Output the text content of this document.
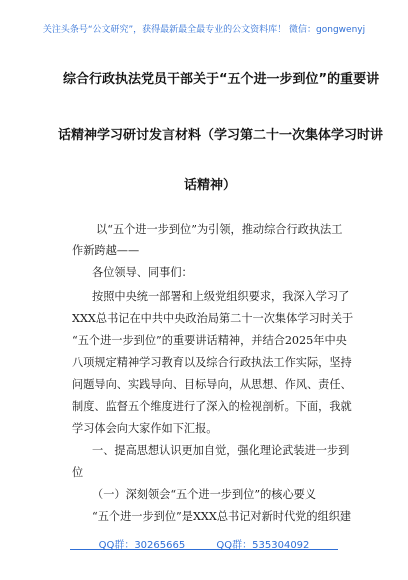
关注头条号“公文研究”，获得最新最全最专业的公文资料库！ 微信：gongwenyj
综合行政执法党员干部关于“五个进一步到位”的重要讲
话精神学习研讨发言材料（学习第二十一次集体学习时讲
话精神）
以“五个进一步到位”为引领，推动综合行政执法工
作新跨越——
各位领导、同事们：
按照中央统一部署和上级党组织要求，我深入学习了
XXX总书记在中共中央政治局第二十一次集体学习时关于
“五个进一步到位”的重要讲话精神，并结合2025年中央
八项规定精神学习教育以及综合行政执法工作实际，坚持
问题导向、实践导向、目标导向，从思想、作风、责任、
制度、监督五个维度进行了深入的检视剖析。下面，我就
学习体会向大家作如下汇报。
一、提高思想认识更加自觉，强化理论武装进一步到
位
（一）深刻领会“五个进一步到位”的核心要义
“五个进一步到位”是XXX总书记对新时代党的组织建
QQ群：30265665	QQ群：535304092
